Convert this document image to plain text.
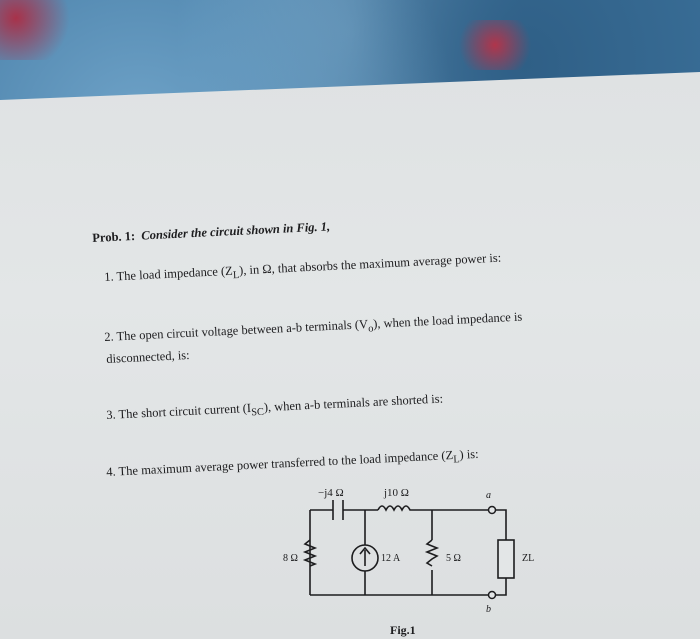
Prob. 1: Consider the circuit shown in Fig. 1,
1. The load impedance $(Z_L)$, in Ω, that absorbs the maximum average power is:
2. The open circuit voltage between a-b terminals $(V_o)$, when the load impedance is
disconnected, is:
3. The short circuit current $(I_{SC})$, when a-b terminals are shorted is:
4. The maximum average power transferred to the load impedance $(Z_L)$ is:
−j4 Ω	j10 Ω	a
b
8 Ω	12 A	5 Ω	ZL
Fig.1
